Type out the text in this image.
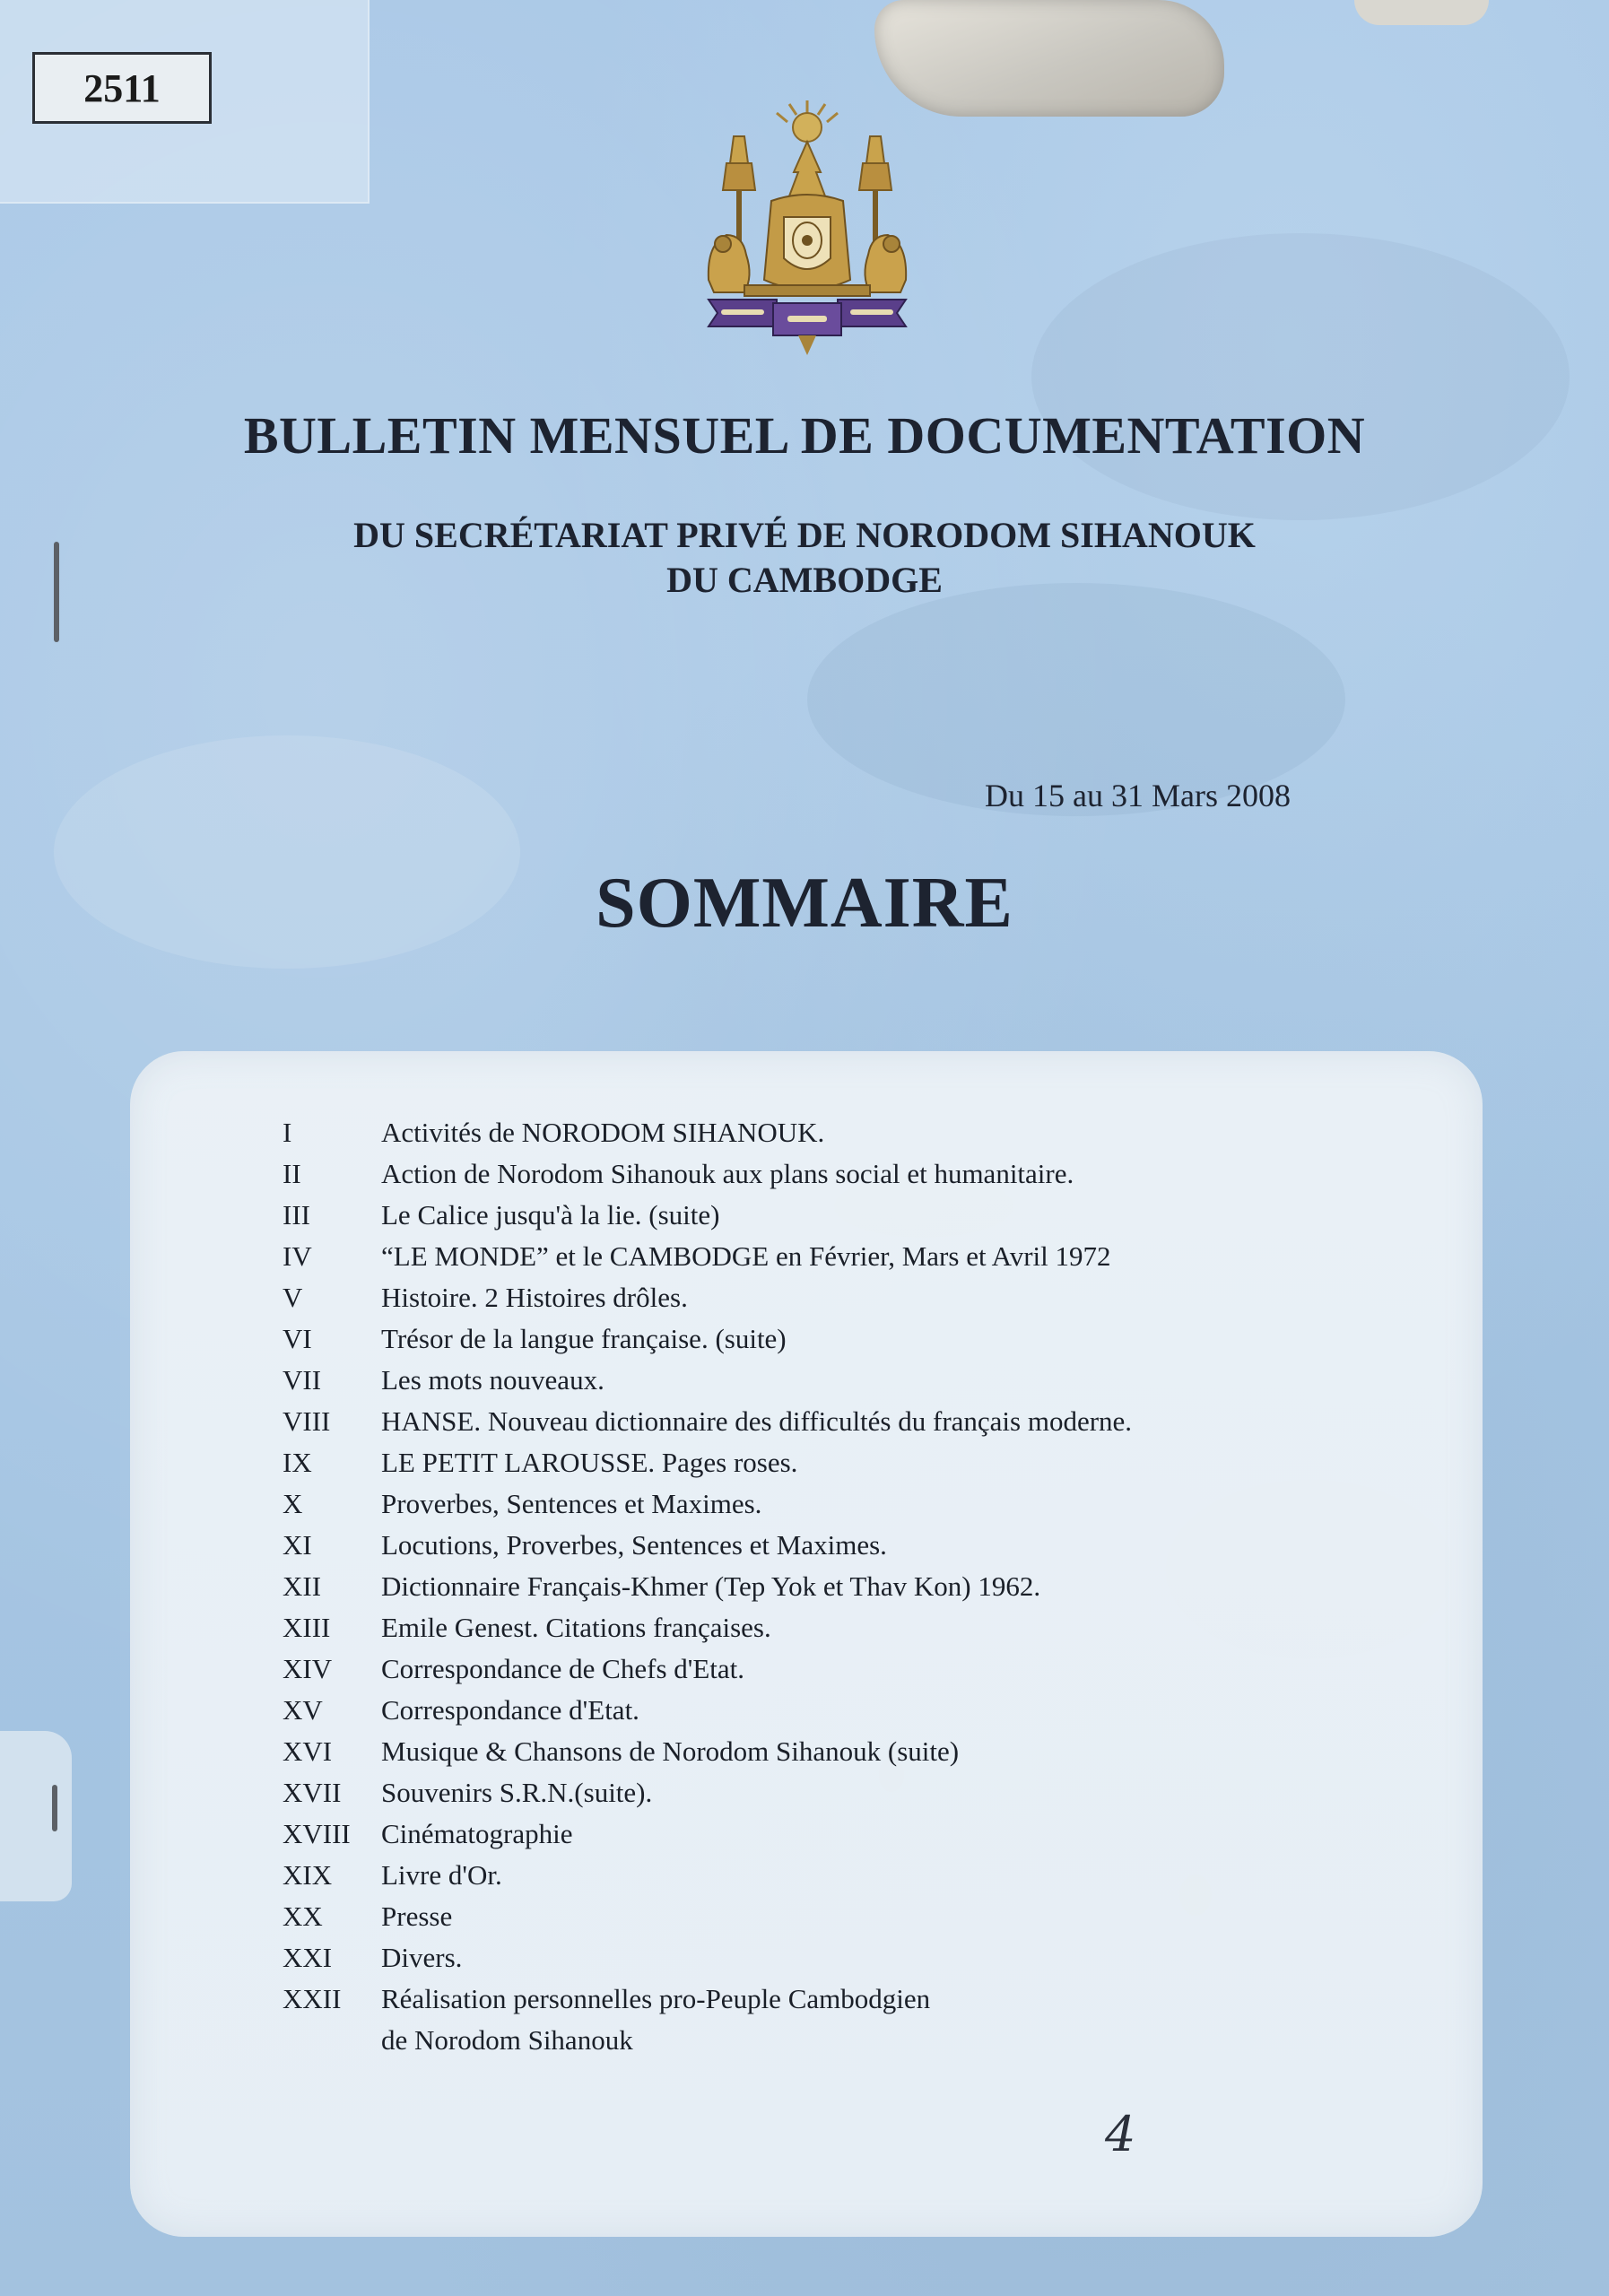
2511
BULLETIN MENSUEL DE DOCUMENTATION
DU SECRÉTARIAT PRIVÉ DE NORODOM SIHANOUK
DU CAMBODGE
Du 15 au 31 Mars 2008
SOMMAIRE
I	Activités de NORODOM SIHANOUK.
II	Action de Norodom Sihanouk aux plans social et humanitaire.
III	Le Calice jusqu'à la lie. (suite)
IV “LE MONDE” et le CAMBODGE en Février, Mars et Avril 1972
V	Histoire. 2 Histoires drôles.
VI Trésor de la langue française. (suite)
VII Les mots nouveaux.
VIII HANSE. Nouveau dictionnaire des difficultés du français moderne.
IX LE PETIT LAROUSSE. Pages roses.
X	Proverbes, Sentences et Maximes.
XI Locutions, Proverbes, Sentences et Maximes.
XII Dictionnaire Français-Khmer (Tep Yok et Thav Kon) 1962.
XIII Emile Genest. Citations françaises.
XIV Correspondance de Chefs d'Etat.
XV Correspondance d'Etat.
XVI Musique & Chansons de Norodom Sihanouk (suite)
XVII Souvenirs S.R.N.(suite).
XVIII Cinématographie
XIX Livre d'Or.
XX Presse
XXI Divers.
XXII Réalisation personnelles pro-Peuple Cambodgien
de Norodom Sihanouk
4
